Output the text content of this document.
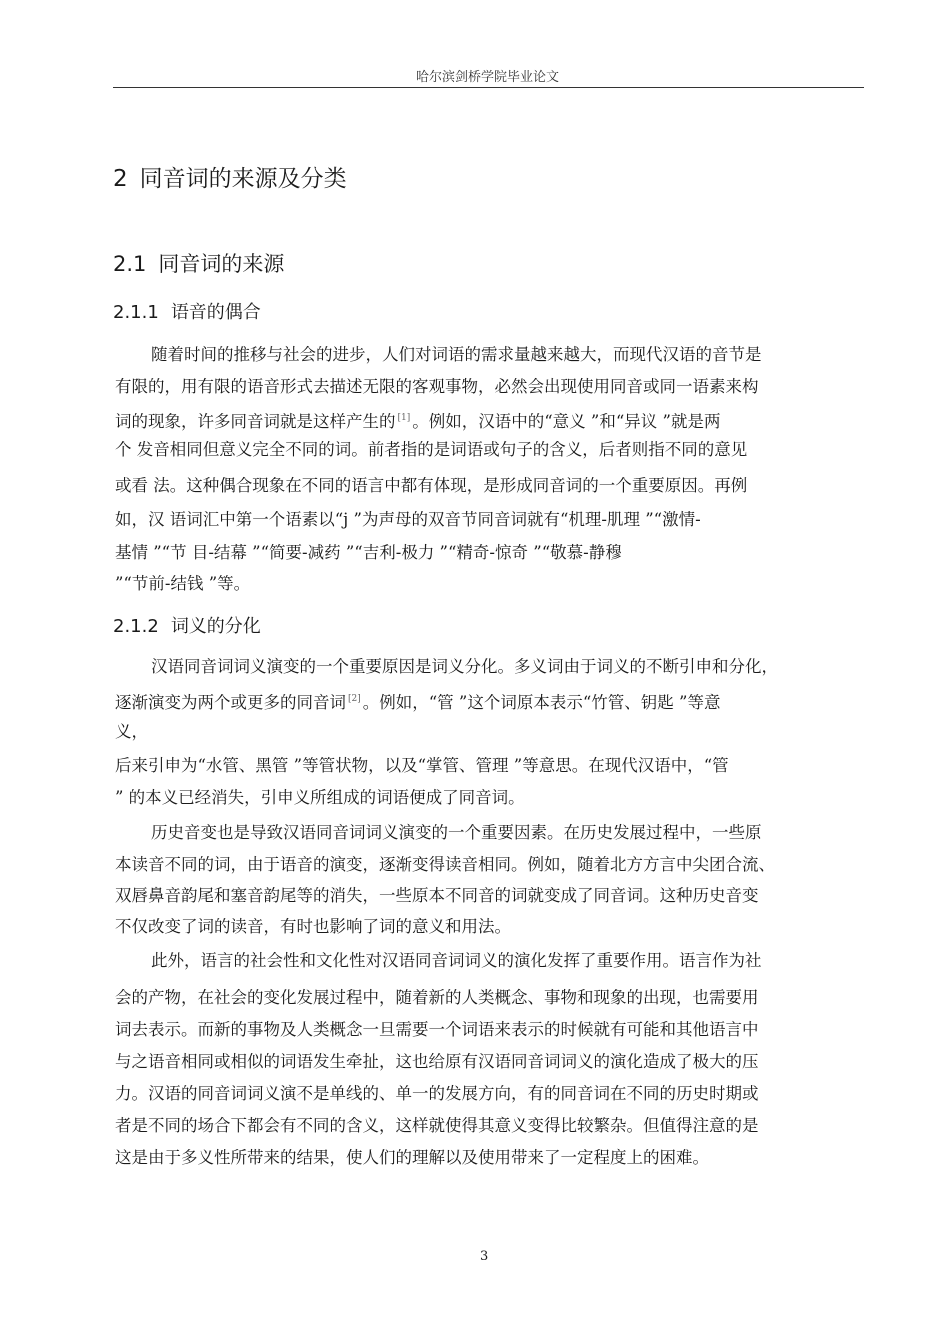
哈尔滨剑桥学院毕业论文
2 同音词的来源及分类
2.1 同音词的来源
2.1.1 语音的偶合
随着时间的推移与社会的进步，人们对词语的需求量越来越大，而现代汉语的音节是
有限的，用有限的语音形式去描述无限的客观事物，必然会出现使用同音或同一语素来构
词的现象，许多同音词就是这样产生的 [1] 。例如，汉语中的“意义 ”和“异议 ”就是两
个 发音相同但意义完全不同的词。前者指的是词语或句子的含义，后者则指不同的意见
或看 法。这种偶合现象在不同的语言中都有体现，是形成同音词的一个重要原因。再例
如，汉 语词汇中第一个语素以“j ”为声母的双音节同音词就有“机理-肌理 ”“激情-
基情 ”“节 目-结幕 ”“简要-减药 ”“吉利-极力 ”“精奇-惊奇 ”“敬慕-静穆
”“节前-结钱 ”等。
2.1.2 词义的分化
汉语同音词词义演变的一个重要原因是词义分化。多义词由于词义的不断引申和分化，
逐渐演变为两个或更多的同音词 [2] 。例如，“管 ”这个词原本表示“竹管、钥匙 ”等意
义，
后来引申为“水管、黑管 ”等管状物，以及“掌管、管理 ”等意思。在现代汉语中，“管
” 的本义已经消失，引申义所组成的词语便成了同音词。
历史音变也是导致汉语同音词词义演变的一个重要因素。在历史发展过程中，一些原
本读音不同的词，由于语音的演变，逐渐变得读音相同。例如，随着北方方言中尖团合流、
双唇鼻音韵尾和塞音韵尾等的消失，一些原本不同音的词就变成了同音词。这种历史音变
不仅改变了词的读音，有时也影响了词的意义和用法。
此外，语言的社会性和文化性对汉语同音词词义的演化发挥了重要作用。语言作为社
会的产物，在社会的变化发展过程中，随着新的人类概念、事物和现象的出现，也需要用
词去表示。而新的事物及人类概念一旦需要一个词语来表示的时候就有可能和其他语言中
与之语音相同或相似的词语发生牵扯，这也给原有汉语同音词词义的演化造成了极大的压
力。汉语的同音词词义演不是单线的、单一的发展方向，有的同音词在不同的历史时期或
者是不同的场合下都会有不同的含义，这样就使得其意义变得比较繁杂。但值得注意的是
这是由于多义性所带来的结果，使人们的理解以及使用带来了一定程度上的困难。
3
